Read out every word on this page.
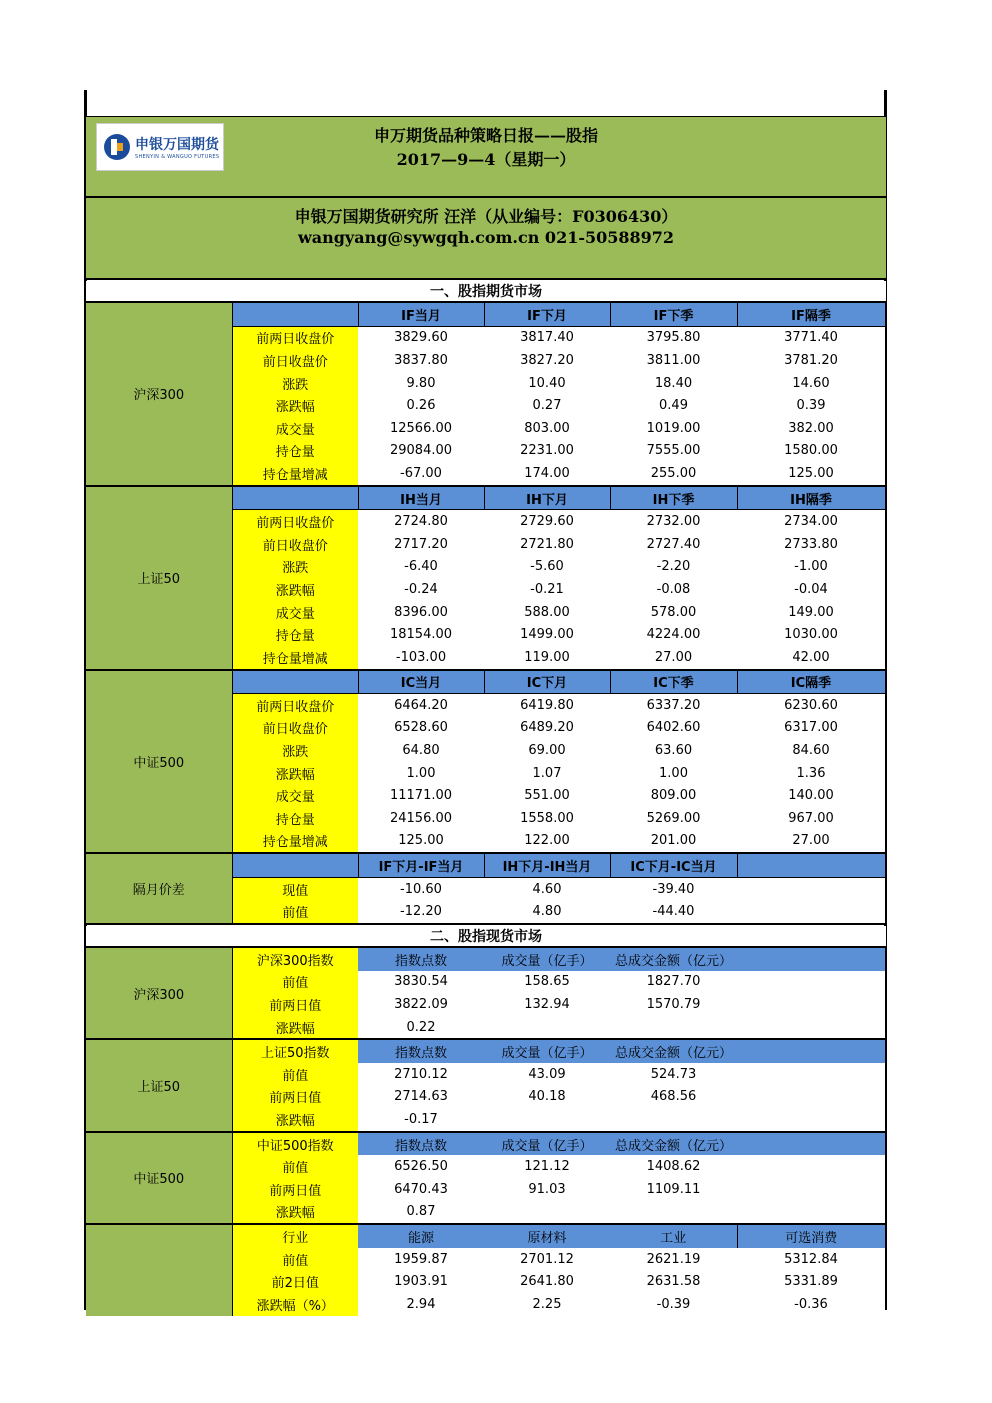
申银万国期货
SHENYIN & WANGUO FUTURES
申万期货品种策略日报——股指
2017—9—4（星期一）
申银万国期货研究所 汪洋（从业编号：F0306430）
wangyang@sywgqh.com.cn 021-50588972
一、股指期货市场
沪深300		IF当月	IF下月	IF下季	IF隔季
	前两日收盘价	3829.60	3817.40	3795.80	3771.40
	前日收盘价	3837.80	3827.20	3811.00	3781.20
	涨跌	9.80	10.40	18.40	14.60
	涨跌幅	0.26	0.27	0.49	0.39
	成交量	12566.00	803.00	1019.00	382.00
	持仓量	29084.00	2231.00	7555.00	1580.00
	持仓量增减	-67.00	174.00	255.00	125.00
上证50		IH当月	IH下月	IH下季	IH隔季
	前两日收盘价	2724.80	2729.60	2732.00	2734.00
	前日收盘价	2717.20	2721.80	2727.40	2733.80
	涨跌	-6.40	-5.60	-2.20	-1.00
	涨跌幅	-0.24	-0.21	-0.08	-0.04
	成交量	8396.00	588.00	578.00	149.00
	持仓量	18154.00	1499.00	4224.00	1030.00
	持仓量增减	-103.00	119.00	27.00	42.00
中证500		IC当月	IC下月	IC下季	IC隔季
	前两日收盘价	6464.20	6419.80	6337.20	6230.60
	前日收盘价	6528.60	6489.20	6402.60	6317.00
	涨跌	64.80	69.00	63.60	84.60
	涨跌幅	1.00	1.07	1.00	1.36
	成交量	11171.00	551.00	809.00	140.00
	持仓量	24156.00	1558.00	5269.00	967.00
	持仓量增减	125.00	122.00	201.00	27.00
隔月价差		IF下月-IF当月	IH下月-IH当月	IC下月-IC当月	
	现值	-10.60	4.60	-39.40	
	前值	-12.20	4.80	-44.40	
二、股指现货市场
沪深300	沪深300指数	指数点数	成交量（亿手）	总成交金额（亿元）	
	前值	3830.54	158.65	1827.70	
	前两日值	3822.09	132.94	1570.79	
	涨跌幅	0.22			
上证50	上证50指数	指数点数	成交量（亿手）	总成交金额（亿元）	
	前值	2710.12	43.09	524.73	
	前两日值	2714.63	40.18	468.56	
	涨跌幅	-0.17			
中证500	中证500指数	指数点数	成交量（亿手）	总成交金额（亿元）	
	前值	6526.50	121.12	1408.62	
	前两日值	6470.43	91.03	1109.11	
	涨跌幅	0.87			
	行业	能源	原材料	工业	可选消费
	前值	1959.87	2701.12	2621.19	5312.84
	前2日值	1903.91	2641.80	2631.58	5331.89
	涨跌幅（%）	2.94	2.25	-0.39	-0.36
